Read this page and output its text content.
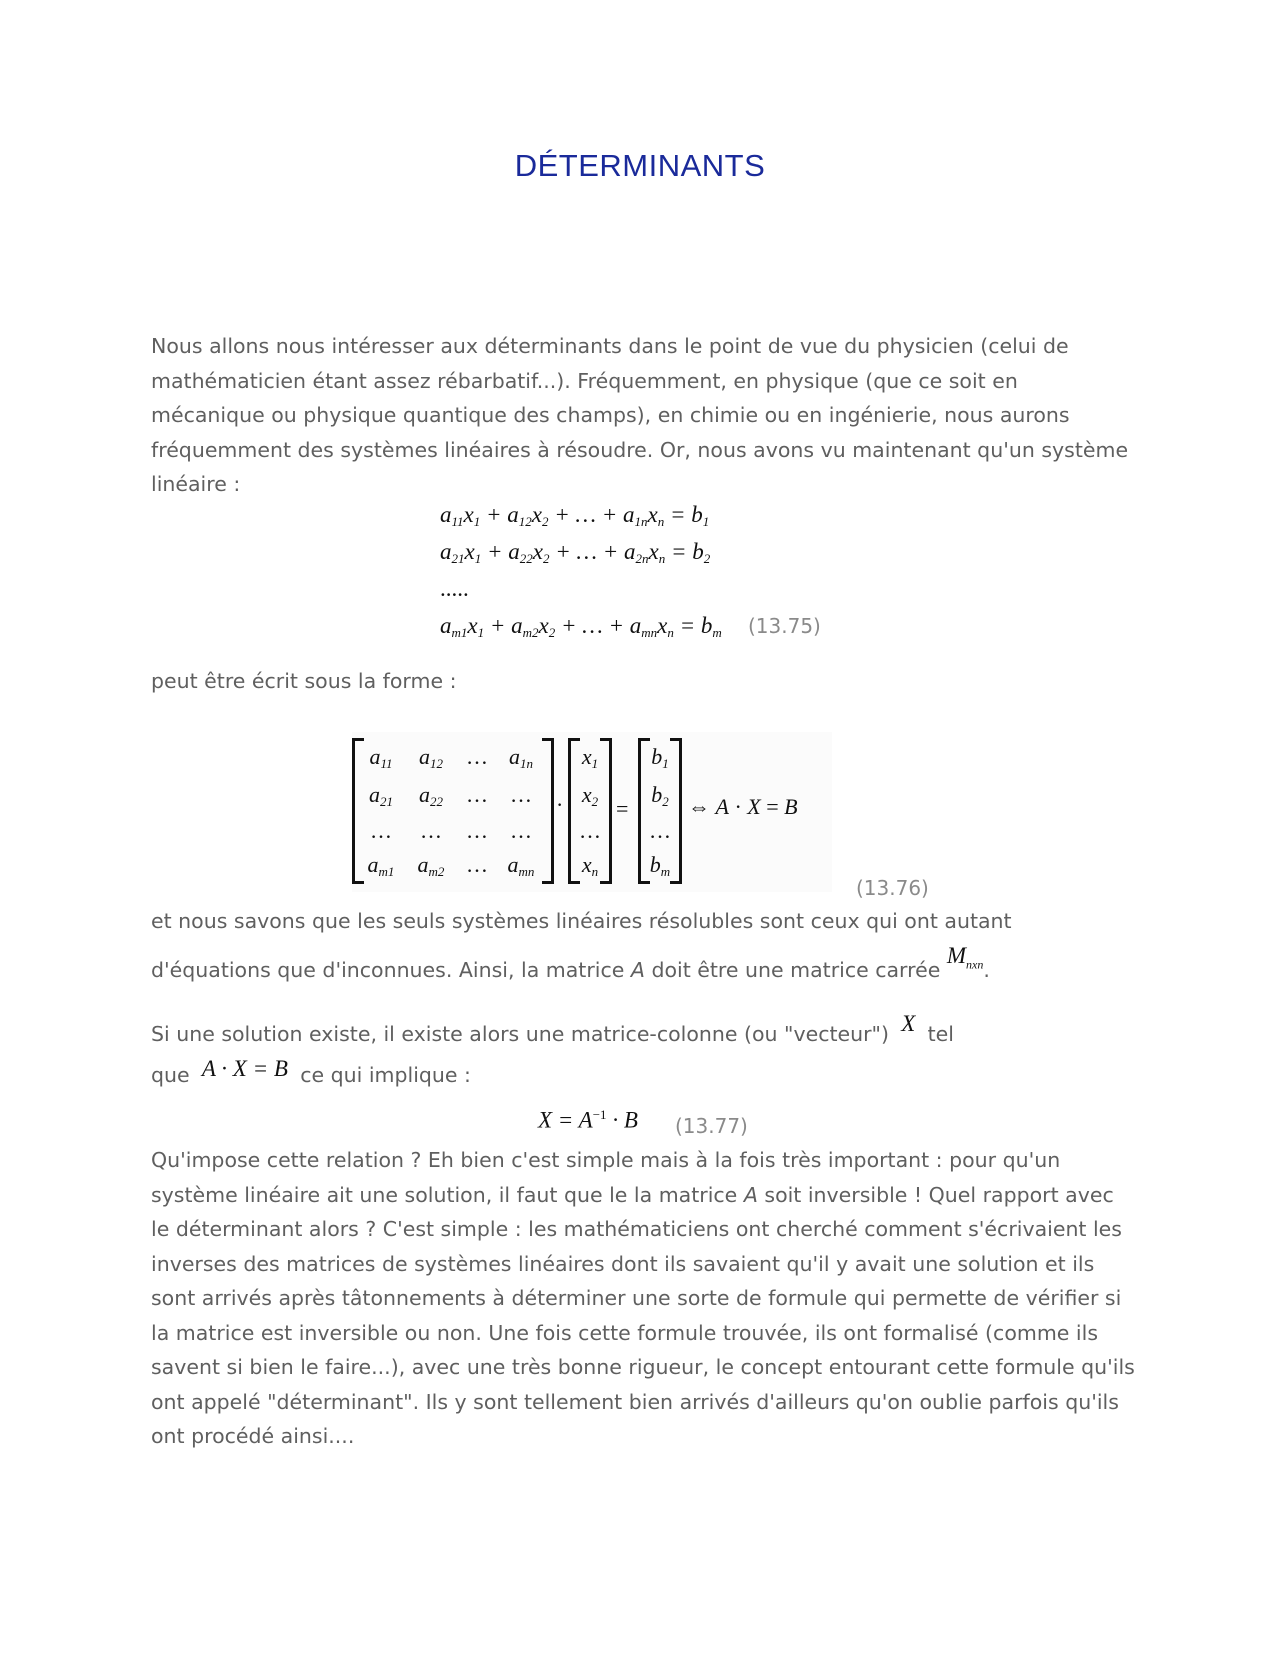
DÉTERMINANTS

Nous allons nous intéresser aux déterminants dans le point de vue du physicien (celui de mathématicien étant assez rébarbatif...). Fréquemment, en physique (que ce soit en mécanique ou physique quantique des champs), en chimie ou en ingénierie, nous aurons fréquemment des systèmes linéaires à résoudre. Or, nous avons vu maintenant qu'un système linéaire :

$a_{11}x_1 + a_{12}x_2$ + … + $a_{1n}x_n = b_1$
$a_{21}x_1 + a_{22}x_2$ + … + $a_{2n}x_n = b_2$
.....
$a_{m1}x_1 + a_{m2}x_2$ + … + $a_{mn}x_n = b_m$ (13.75)

peut être écrit sous la forme :

$a_{11}$	$a_{12}$	… $a_{1n}$
$a_{21}$	$a_{22}$	…	…
…	…	…	…
$a_{m1}$	$a_{m2}$ … $a_{mn}$
·
$x_1$
$x_2$
…
$x_n$
=
$b_1$
$b_2$
…
$b_m$
⇔ A · X = B
(13.76)

et nous savons que les seuls systèmes linéaires résolubles sont ceux qui ont autant d'équations que d'inconnues. Ainsi, la matrice A doit être une matrice carrée $M_{nxn}$.

Si une solution existe, il existe alors une matrice-colonne (ou "vecteur")  X  tel
que  A · X = B  ce qui implique :

$X = A^{-1} \cdot B$ (13.77)

Qu'impose cette relation ? Eh bien c'est simple mais à la fois très important : pour qu'un système linéaire ait une solution, il faut que le la matrice A soit inversible ! Quel rapport avec le déterminant alors ? C'est simple : les mathématiciens ont cherché comment s'écrivaient les inverses des matrices de systèmes linéaires dont ils savaient qu'il y avait une solution et ils sont arrivés après tâtonnements à déterminer une sorte de formule qui permette de vérifier si la matrice est inversible ou non. Une fois cette formule trouvée, ils ont formalisé (comme ils savent si bien le faire...), avec une très bonne rigueur, le concept entourant cette formule qu'ils ont appelé "déterminant". Ils y sont tellement bien arrivés d'ailleurs qu'on oublie parfois qu'ils ont procédé ainsi....
